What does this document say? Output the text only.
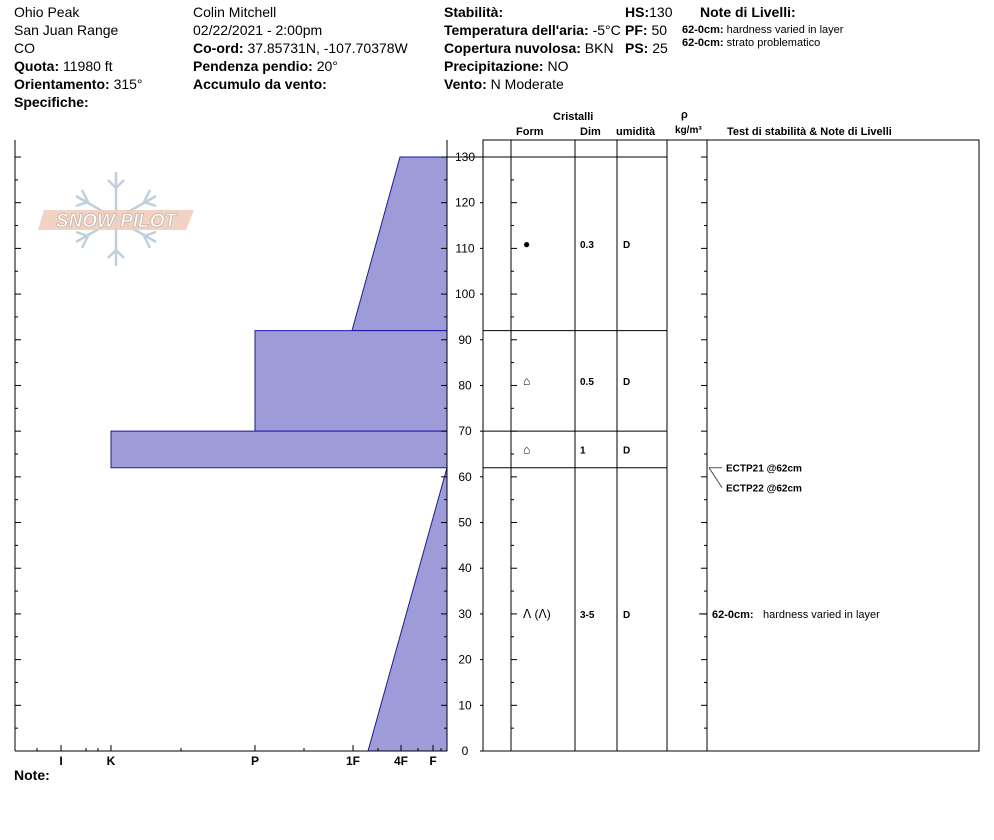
Ohio Peak
San Juan Range
CO
Quota: 11980 ft
Orientamento: 315°
Specifiche:
Colin Mitchell
02/22/2021 - 2:00pm
Co-ord: 37.85731N, -107.70378W
Pendenza pendio: 20°
Accumulo da vento:
Stabilità:
Temperatura dell'aria: -5°C
Copertura nuvolosa: BKN
Precipitazione: NO
Vento: N Moderate
HS:130
PF: 50
PS: 25
Note di Livelli:
62-0cm: hardness varied in layer
62-0cm: strato problematico
Cristalli
Form	Dim umidità
ρ
kg/m³ Test di stabilità & Note di Livelli
Note:
SNOW PILOT
0
10
20
30
40
50
60
70
80
90
100
110
120
130
I	K	P	1F	4F F
●	0.3	D
⌂	0.5	D
⌂	1	D
ᐱ (ᐱ)	3-5	D
ECTP21 @62cm
ECTP22 @62cm
62-0cm: hardness varied in layer
